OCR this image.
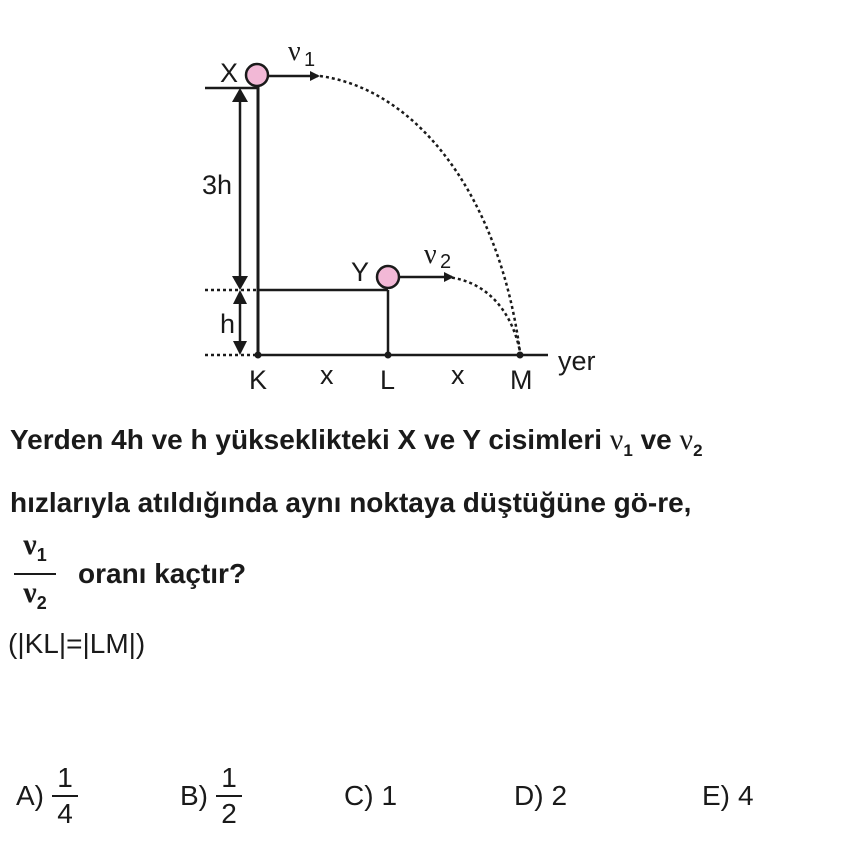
X
Y
ν 1
ν 2
3h
h
K x L x M
yer
Yerden 4h ve h yükseklikteki X ve Y cisimleri $\nu_1$ ve $\nu_2$
hızlarıyla atıldığında aynı noktaya düştüğüne gö-re,
$\frac{\nu_1}{\nu_2}$ oranı kaçtır?
(|KL|=|LM|)
A)
1
4
B)
1
2
C) 1	D) 2	E) 4
